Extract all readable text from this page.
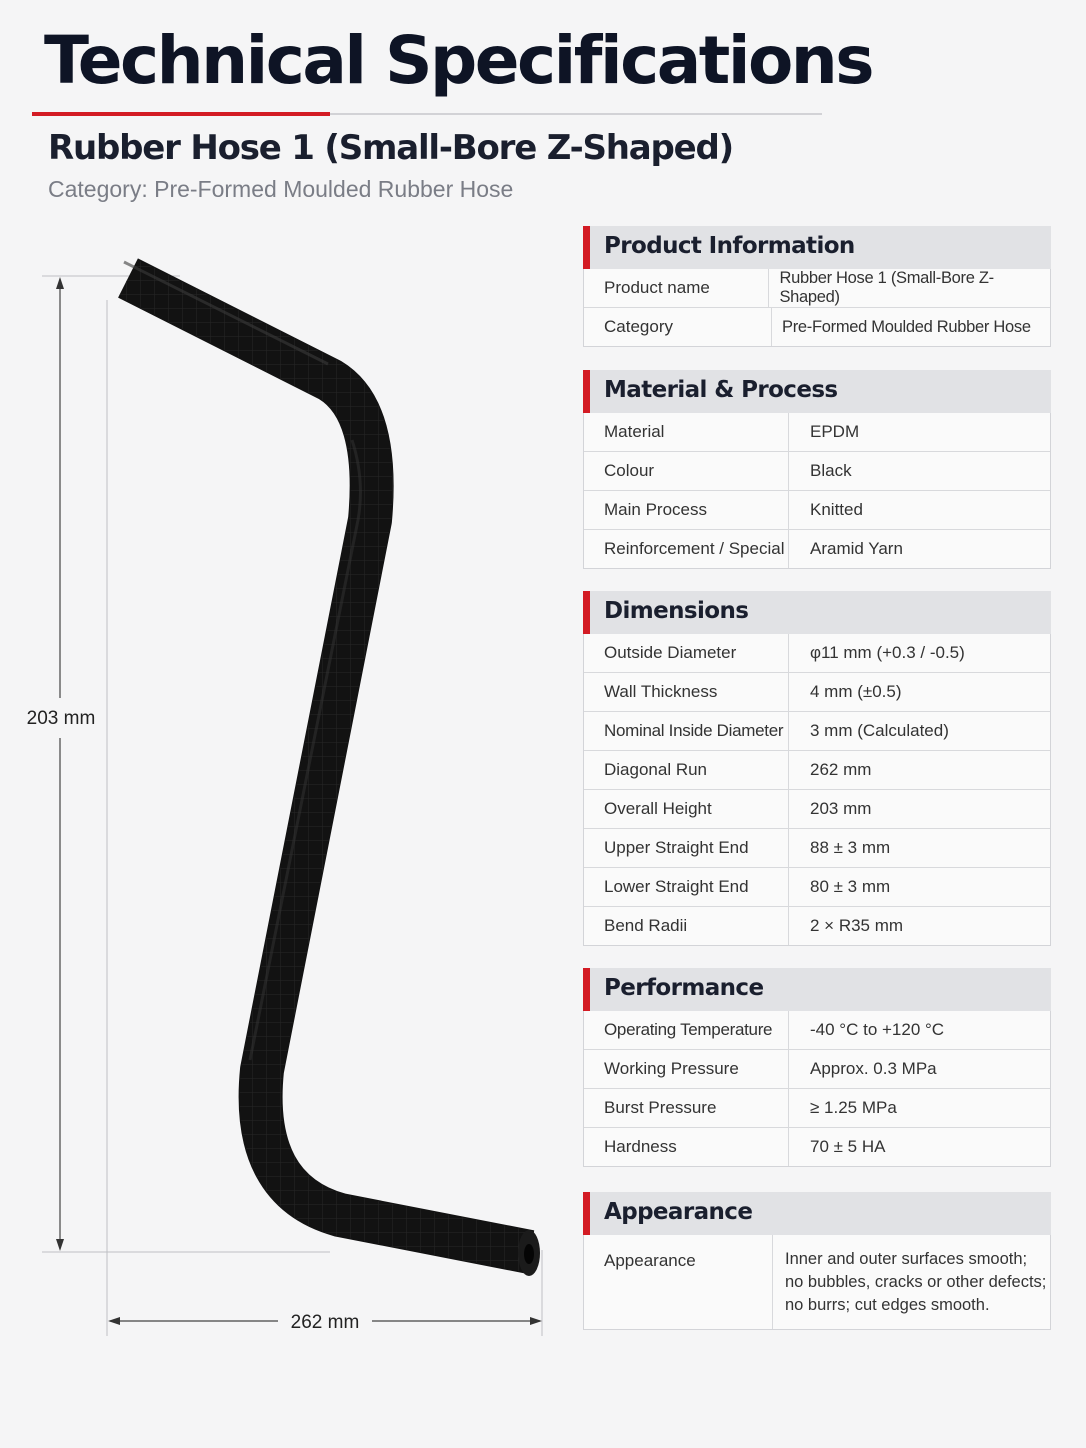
Technical Specifications
Rubber Hose 1 (Small-Bore Z-Shaped)
Category: Pre-Formed Moulded Rubber Hose
203 mm
262 mm
Product Information
Product name	Rubber Hose 1 (Small-Bore Z-Shaped)
Category	Pre-Formed Moulded Rubber Hose
Material & Process
Material	EPDM
Colour	Black
Main Process	Knitted
Reinforcement / Special	Aramid Yarn
Dimensions
Outside Diameter	φ11 mm (+0.3 / -0.5)
Wall Thickness	4 mm (±0.5)
Nominal Inside Diameter	3 mm (Calculated)
Diagonal Run	262 mm
Overall Height	203 mm
Upper Straight End	88 ± 3 mm
Lower Straight End	80 ± 3 mm
Bend Radii	2 × R35 mm
Performance
Operating Temperature	-40 °C to +120 °C
Working Pressure	Approx. 0.3 MPa
Burst Pressure	≥ 1.25 MPa
Hardness	70 ± 5 HA
Appearance
Appearance	Inner and outer surfaces smooth; no bubbles, cracks or other defects; no burrs; cut edges smooth.
